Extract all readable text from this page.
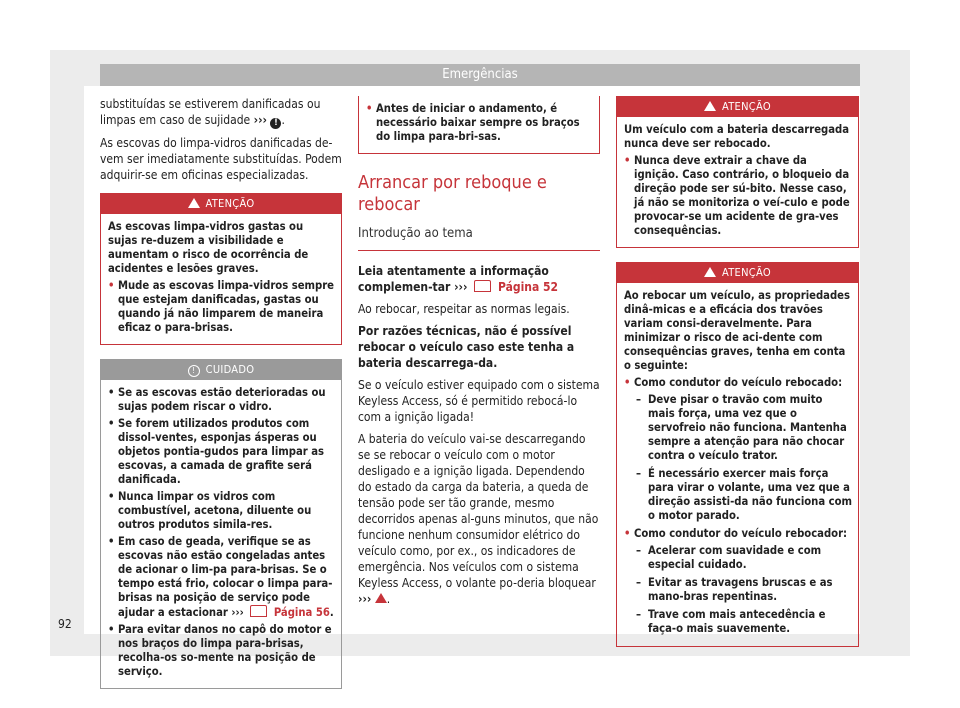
Emergências
92

substituídas se estiverem danificadas ou limpas em caso de sujidade ››› ! .

As escovas do limpa-vidros danificadas de-vem ser imediatamente substituídas. Podem adquirir-se em oficinas especializadas.

ATENÇÃO

As escovas limpa-vidros gastas ou sujas re-duzem a visibilidade e aumentam o risco de ocorrência de acidentes e lesões graves.

• Mude as escovas limpa-vidros sempre que estejam danificadas, gastas ou quando já não limparem de maneira eficaz o para-brisas.
! CUIDADO
• Se as escovas estão deterioradas ou sujas podem riscar o vidro.
• Se forem utilizados produtos com dissol-ventes, esponjas ásperas ou objetos pontia-gudos para limpar as escovas, a camada de grafite será danificada.
• Nunca limpar os vidros com combustível, acetona, diluente ou outros produtos simila-res.
• Em caso de geada, verifique se as escovas não estão congeladas antes de acionar o lim-pa para-brisas. Se o tempo está frio, colocar o limpa para-brisas na posição de serviço pode ajudar a estacionar ›››	Página 56.
• Para evitar danos no capô do motor e nos braços do limpa para-brisas, recolha-os so-mente na posição de serviço.
• Antes de iniciar o andamento, é necessário baixar sempre os braços do limpa para-bri-sas.
Arrancar por reboque e rebocar
Introdução ao tema

Leia atentamente a informação complemen-tar ›››	Página 52

Ao rebocar, respeitar as normas legais.

Por razões técnicas, não é possível rebocar o veículo caso este tenha a bateria descarrega-da.

Se o veículo estiver equipado com o sistema Keyless Access, só é permitido rebocá-lo com a ignição ligada!

A bateria do veículo vai-se descarregando se se rebocar o veículo com o motor desligado e a ignição ligada. Dependendo do estado da carga da bateria, a queda de tensão pode ser tão grande, mesmo decorridos apenas al-guns minutos, que não funcione nenhum consumidor elétrico do veículo como, por ex., os indicadores de emergência. Nos veículos com o sistema Keyless Access, o volante po-deria bloquear ››› .

ATENÇÃO

Um veículo com a bateria descarregada nunca deve ser rebocado.

• Nunca deve extrair a chave da ignição. Caso contrário, o bloqueio da direção pode ser sú-bito. Nesse caso, já não se monitoriza o veí-culo e pode provocar-se um acidente de gra-ves consequências.
ATENÇÃO

Ao rebocar um veículo, as propriedades dinâ-micas e a eficácia dos travões variam consi-deravelmente. Para minimizar o risco de aci-dente com consequências graves, tenha em conta o seguinte:

• Como condutor do veículo rebocado:
– Deve pisar o travão com muito mais força, uma vez que o servofreio não funciona. Mantenha sempre a atenção para não chocar contra o veículo trator.
– É necessário exercer mais força para virar o volante, uma vez que a direção assisti-da não funciona com o motor parado.
• Como condutor do veículo rebocador:
– Acelerar com suavidade e com especial cuidado.
– Evitar as travagens bruscas e as mano-bras repentinas.
– Trave com mais antecedência e faça-o mais suavemente.
